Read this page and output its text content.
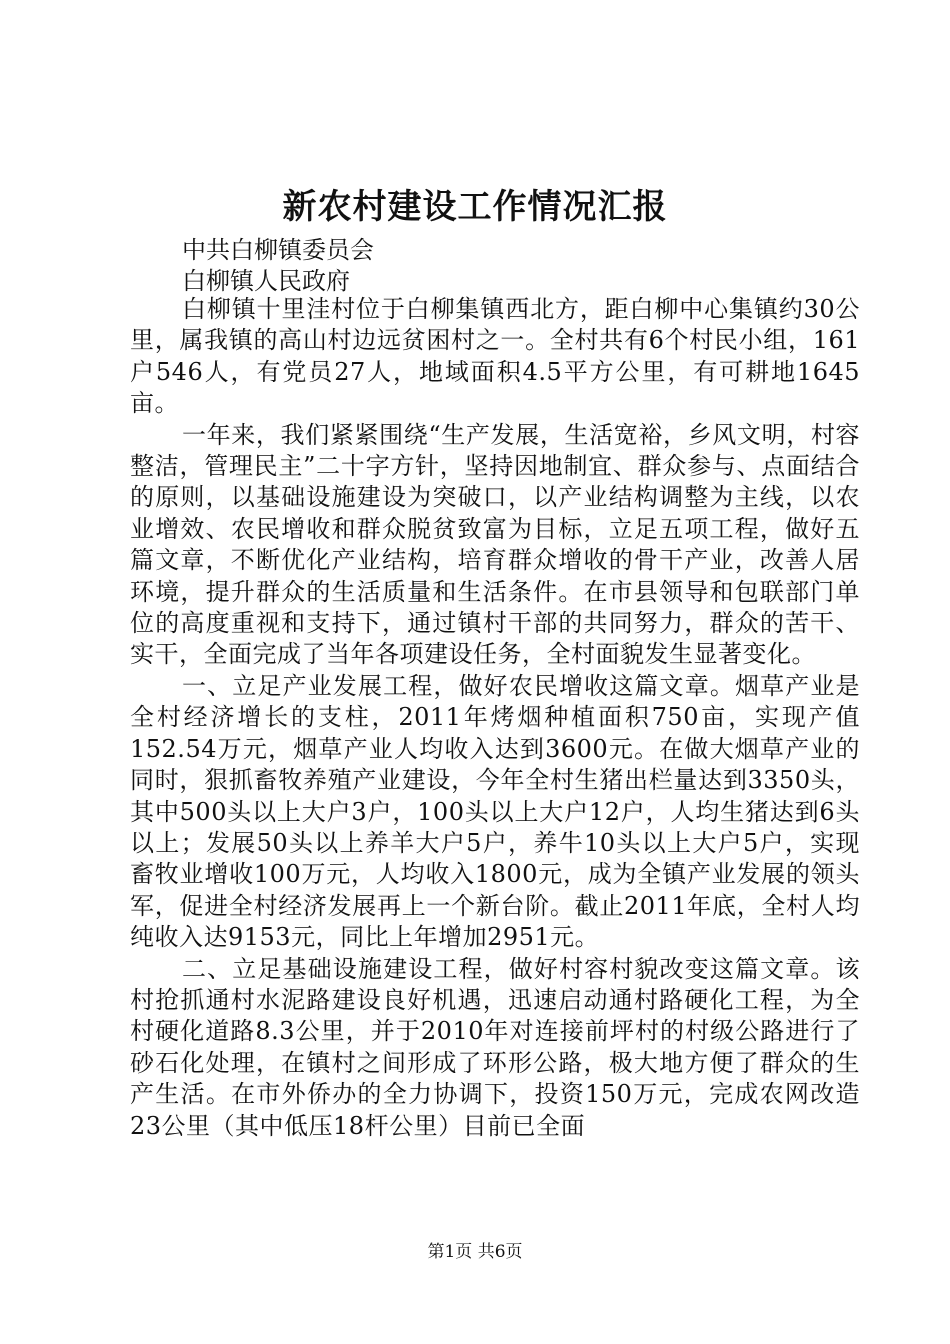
新农村建设工作情况汇报

中共白柳镇委员会

白柳镇人民政府

白柳镇十里洼村位于白柳集镇西北方，距白柳中心集镇约30公里，属我镇的高山村边远贫困村之一。全村共有6个村民小组，161户546人，有党员27人，地域面积4.5平方公里，有可耕地1645亩。

一年来，我们紧紧围绕“生产发展，生活宽裕，乡风文明，村容整洁，管理民主”二十字方针，坚持因地制宜、群众参与、点面结合的原则，以基础设施建设为突破口，以产业结构调整为主线，以农业增效、农民增收和群众脱贫致富为目标，立足五项工程，做好五篇文章，不断优化产业结构，培育群众增收的骨干产业，改善人居环境，提升群众的生活质量和生活条件。在市县领导和包联部门单位的高度重视和支持下，通过镇村干部的共同努力，群众的苦干、实干，全面完成了当年各项建设任务，全村面貌发生显著变化。

一、立足产业发展工程，做好农民增收这篇文章。烟草产业是全村经济增长的支柱，2011年烤烟种植面积750亩，实现产值152.54万元，烟草产业人均收入达到3600元。在做大烟草产业的同时，狠抓畜牧养殖产业建设，今年全村生猪出栏量达到3350头，其中500头以上大户3户，100头以上大户12户，人均生猪达到6头以上；发展50头以上养羊大户5户，养牛10头以上大户5户，实现畜牧业增收100万元，人均收入1800元，成为全镇产业发展的领头军，促进全村经济发展再上一个新台阶。截止2011年底，全村人均纯收入达9153元，同比上年增加2951元。

二、立足基础设施建设工程，做好村容村貌改变这篇文章。该村抢抓通村水泥路建设良好机遇，迅速启动通村路硬化工程，为全村硬化道路8.3公里，并于2010年对连接前坪村的村级公路进行了砂石化处理，在镇村之间形成了环形公路，极大地方便了群众的生产生活。在市外侨办的全力协调下，投资150万元，完成农网改造23公里（其中低压18杆公里）目前已全面

第1页 共6页
